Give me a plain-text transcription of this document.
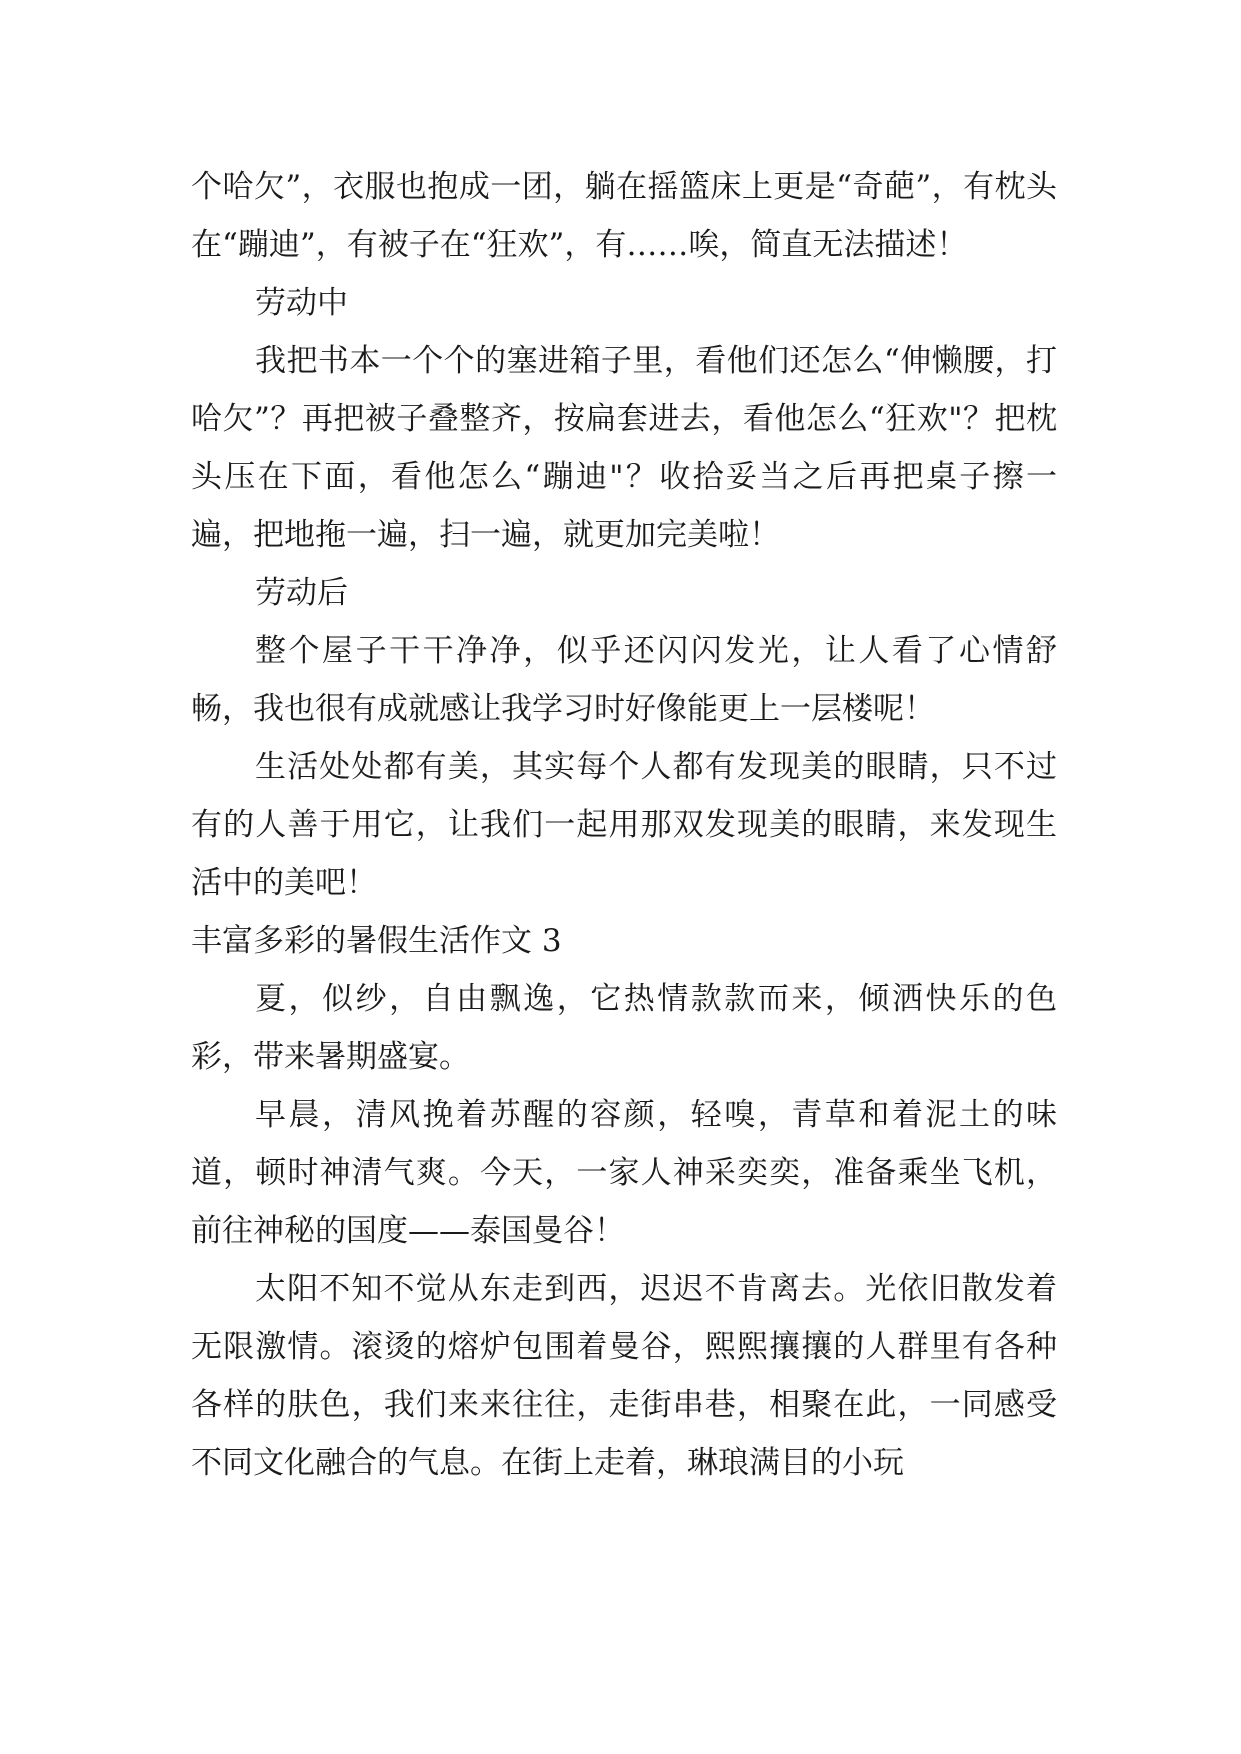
个哈欠”，衣服也抱成一团，躺在摇篮床上更是“奇葩”，有枕头在“蹦迪”，有被子在“狂欢”，有……唉，简直无法描述！

劳动中

我把书本一个个的塞进箱子里，看他们还怎么“伸懒腰，打哈欠”？再把被子叠整齐，按扁套进去，看他怎么“狂欢"？把枕头压在下面，看他怎么“蹦迪"？收拾妥当之后再把桌子擦一遍，把地拖一遍，扫一遍，就更加完美啦！

劳动后

整个屋子干干净净，似乎还闪闪发光，让人看了心情舒畅，我也很有成就感让我学习时好像能更上一层楼呢！

生活处处都有美，其实每个人都有发现美的眼睛，只不过有的人善于用它，让我们一起用那双发现美的眼睛，来发现生活中的美吧！

丰富多彩的暑假生活作文 3

夏，似纱，自由飘逸，它热情款款而来，倾洒快乐的色彩，带来暑期盛宴。

早晨，清风挽着苏醒的容颜，轻嗅，青草和着泥土的味道，顿时神清气爽。今天，一家人神采奕奕，准备乘坐飞机，前往神秘的国度——泰国曼谷！

太阳不知不觉从东走到西，迟迟不肯离去。光依旧散发着无限激情。滚烫的熔炉包围着曼谷，熙熙攘攘的人群里有各种各样的肤色，我们来来往往，走街串巷，相聚在此，一同感受不同文化融合的气息。在街上走着，琳琅满目的小玩
